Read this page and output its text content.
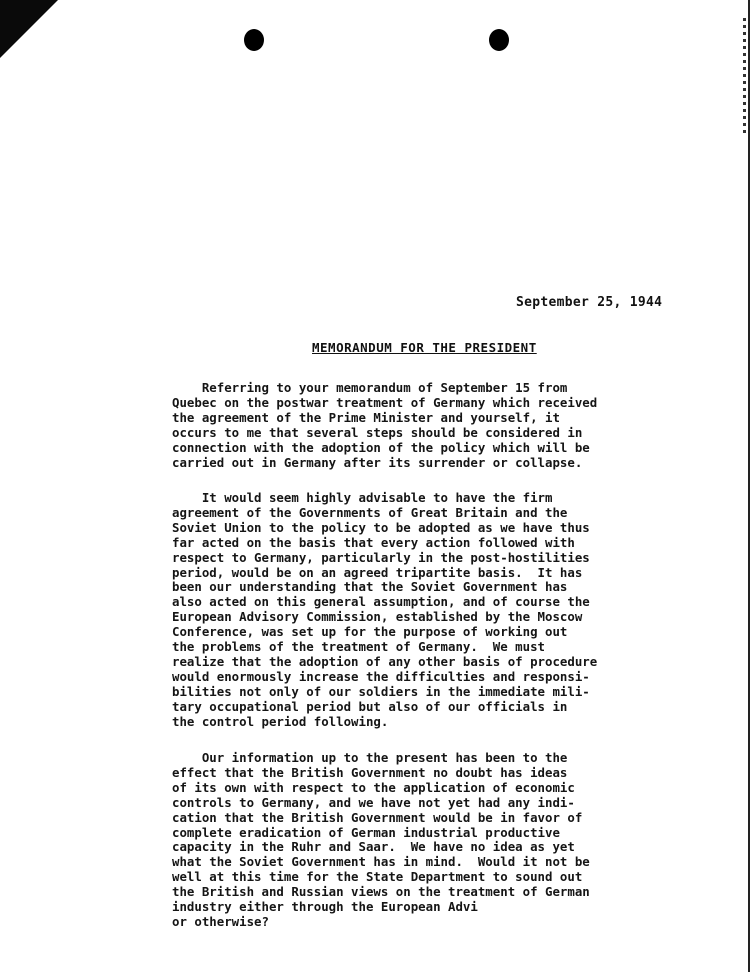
September 25, 1944
MEMORANDUM FOR THE PRESIDENT
Referring to your memorandum of September 15 from
Quebec on the postwar treatment of Germany which received
the agreement of the Prime Minister and yourself, it
occurs to me that several steps should be considered in
connection with the adoption of the policy which will be
carried out in Germany after its surrender or collapse.
It would seem highly advisable to have the firm
agreement of the Governments of Great Britain and the
Soviet Union to the policy to be adopted as we have thus
far acted on the basis that every action followed with
respect to Germany, particularly in the post-hostilities
period, would be on an agreed tripartite basis.  It has
been our understanding that the Soviet Government has
also acted on this general assumption, and of course the
European Advisory Commission, established by the Moscow
Conference, was set up for the purpose of working out
the problems of the treatment of Germany.  We must
realize that the adoption of any other basis of procedure
would enormously increase the difficulties and responsi-
bilities not only of our soldiers in the immediate mili-
tary occupational period but also of our officials in
the control period following.
Our information up to the present has been to the
effect that the British Government no doubt has ideas
of its own with respect to the application of economic
controls to Germany, and we have not yet had any indi-
cation that the British Government would be in favor of
complete eradication of German industrial productive
capacity in the Ruhr and Saar.  We have no idea as yet
what the Soviet Government has in mind.  Would it not be
well at this time for the State Department to sound out
the British and Russian views on the treatment of German
industry either through the European Advi
or otherwise?
